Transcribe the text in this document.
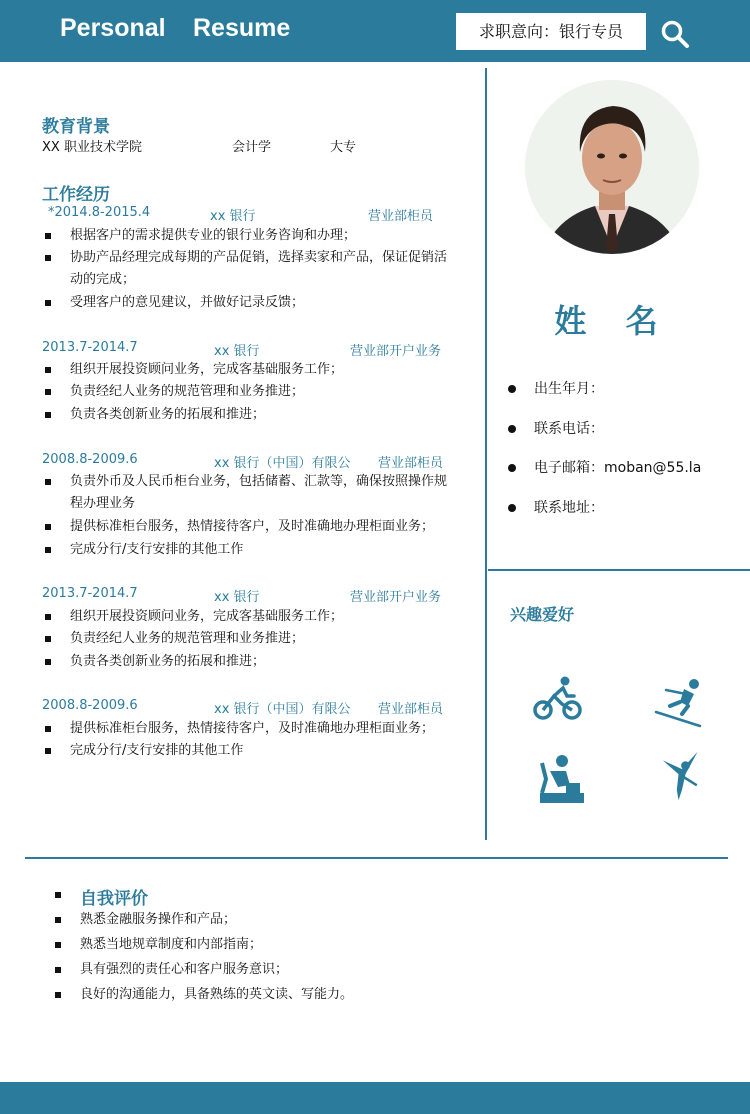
Personal Resume	求职意向：银行专员
教育背景
XX 职业技术学院	会计学	大专
工作经历
*2014.8-2015.4	xx 银行	营业部柜员
根据客户的需求提供专业的银行业务咨询和办理；
协助产品经理完成每期的产品促销，选择卖家和产品，保证促销活动的完成；
受理客户的意见建议，并做好记录反馈；
2013.7-2014.7	xx 银行	营业部开户业务
组织开展投资顾问业务，完成客基础服务工作；
负责经纪人业务的规范管理和业务推进；
负责各类创新业务的拓展和推进；
2008.8-2009.6	xx 银行（中国）有限公 营业部柜员
负责外币及人民币柜台业务，包括储蓄、汇款等，确保按照操作规程办理业务
提供标准柜台服务，热情接待客户，及时准确地办理柜面业务；
完成分行/支行安排的其他工作
2013.7-2014.7	xx 银行	营业部开户业务
组织开展投资顾问业务，完成客基础服务工作；
负责经纪人业务的规范管理和业务推进；
负责各类创新业务的拓展和推进；
2008.8-2009.6	xx 银行（中国）有限公 营业部柜员
提供标准柜台服务，热情接待客户，及时准确地办理柜面业务；
完成分行/支行安排的其他工作
姓 名
出生年月：
联系电话：
电子邮箱：moban@55.la
联系地址：
兴趣爱好
自我评价
熟悉金融服务操作和产品；
熟悉当地规章制度和内部指南；
具有强烈的责任心和客户服务意识；
良好的沟通能力，具备熟练的英文读、写能力。
